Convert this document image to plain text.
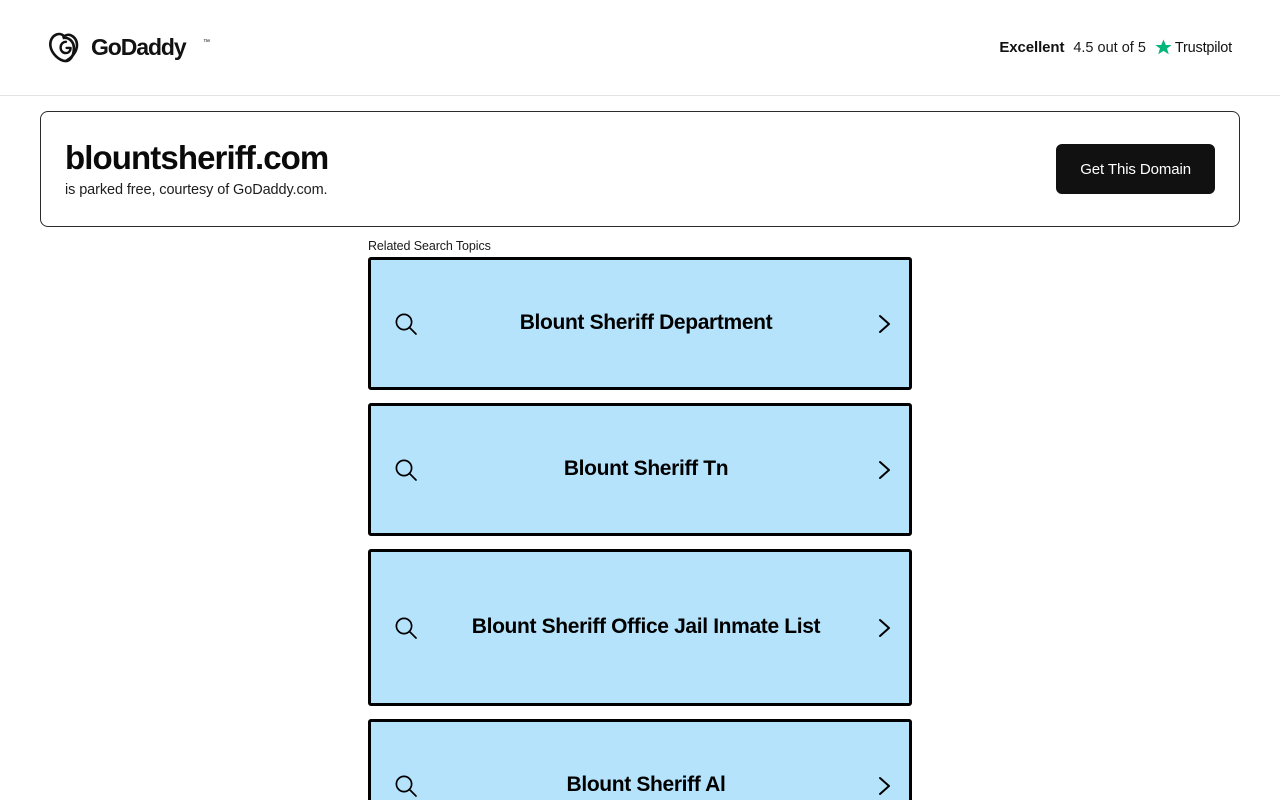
GoDaddy ™	Excellent 4.5 out of 5 Trustpilot
blountsheriff.com

is parked free, courtesy of GoDaddy.com.

Get This Domain
Related Search Topics
Blount Sheriff Department
Blount Sheriff Tn
Blount Sheriff Office Jail Inmate List
Blount Sheriff Al
